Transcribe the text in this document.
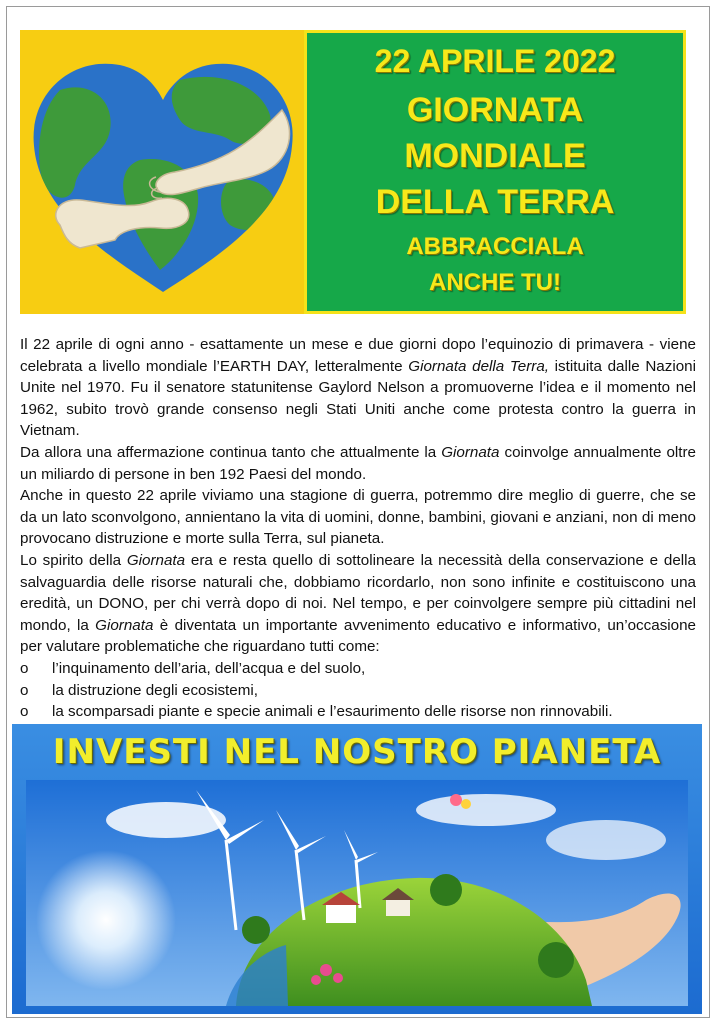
22 APRILE 2022
GIORNATA
MONDIALE
DELLA TERRA
ABBRACCIALA
ANCHE TU!

Il 22 aprile di ogni anno - esattamente un mese e due giorni dopo l’equinozio di primavera - viene celebrata a livello mondiale l’EARTH DAY, letteralmente Giornata della Terra, istituita dalle Nazioni Unite nel 1970. Fu il senatore statunitense Gaylord Nelson a promuoverne l’idea e il momento nel 1962, subito trovò grande consenso negli Stati Uniti anche come protesta contro la guerra in Vietnam.

Da allora una affermazione continua tanto che attualmente la Giornata coinvolge annualmente oltre un miliardo di persone in ben 192 Paesi del mondo.

Anche in questo 22 aprile viviamo una stagione di guerra, potremmo dire meglio di guerre, che se da un lato sconvolgono, annientano la vita di uomini, donne, bambini, giovani e anziani, non di meno provocano distruzione e morte sulla Terra, sul pianeta.

Lo spirito della Giornata era e resta quello di sottolineare la necessità della conservazione e della salvaguardia delle risorse naturali che, dobbiamo ricordarlo, non sono infinite e costituiscono una eredità, un DONO, per chi verrà dopo di noi. Nel tempo, e per coinvolgere sempre più cittadini nel mondo, la Giornata è diventata un importante avvenimento educativo e informativo, un’occasione per valutare problematiche che riguardano tutti come:

o l’inquinamento dell’aria, dell’acqua e del suolo,
o la distruzione degli ecosistemi,
o la scomparsadi piante e specie animali e l’esaurimento delle risorse non rinnovabili.
INVESTI NEL NOSTRO PIANETA
